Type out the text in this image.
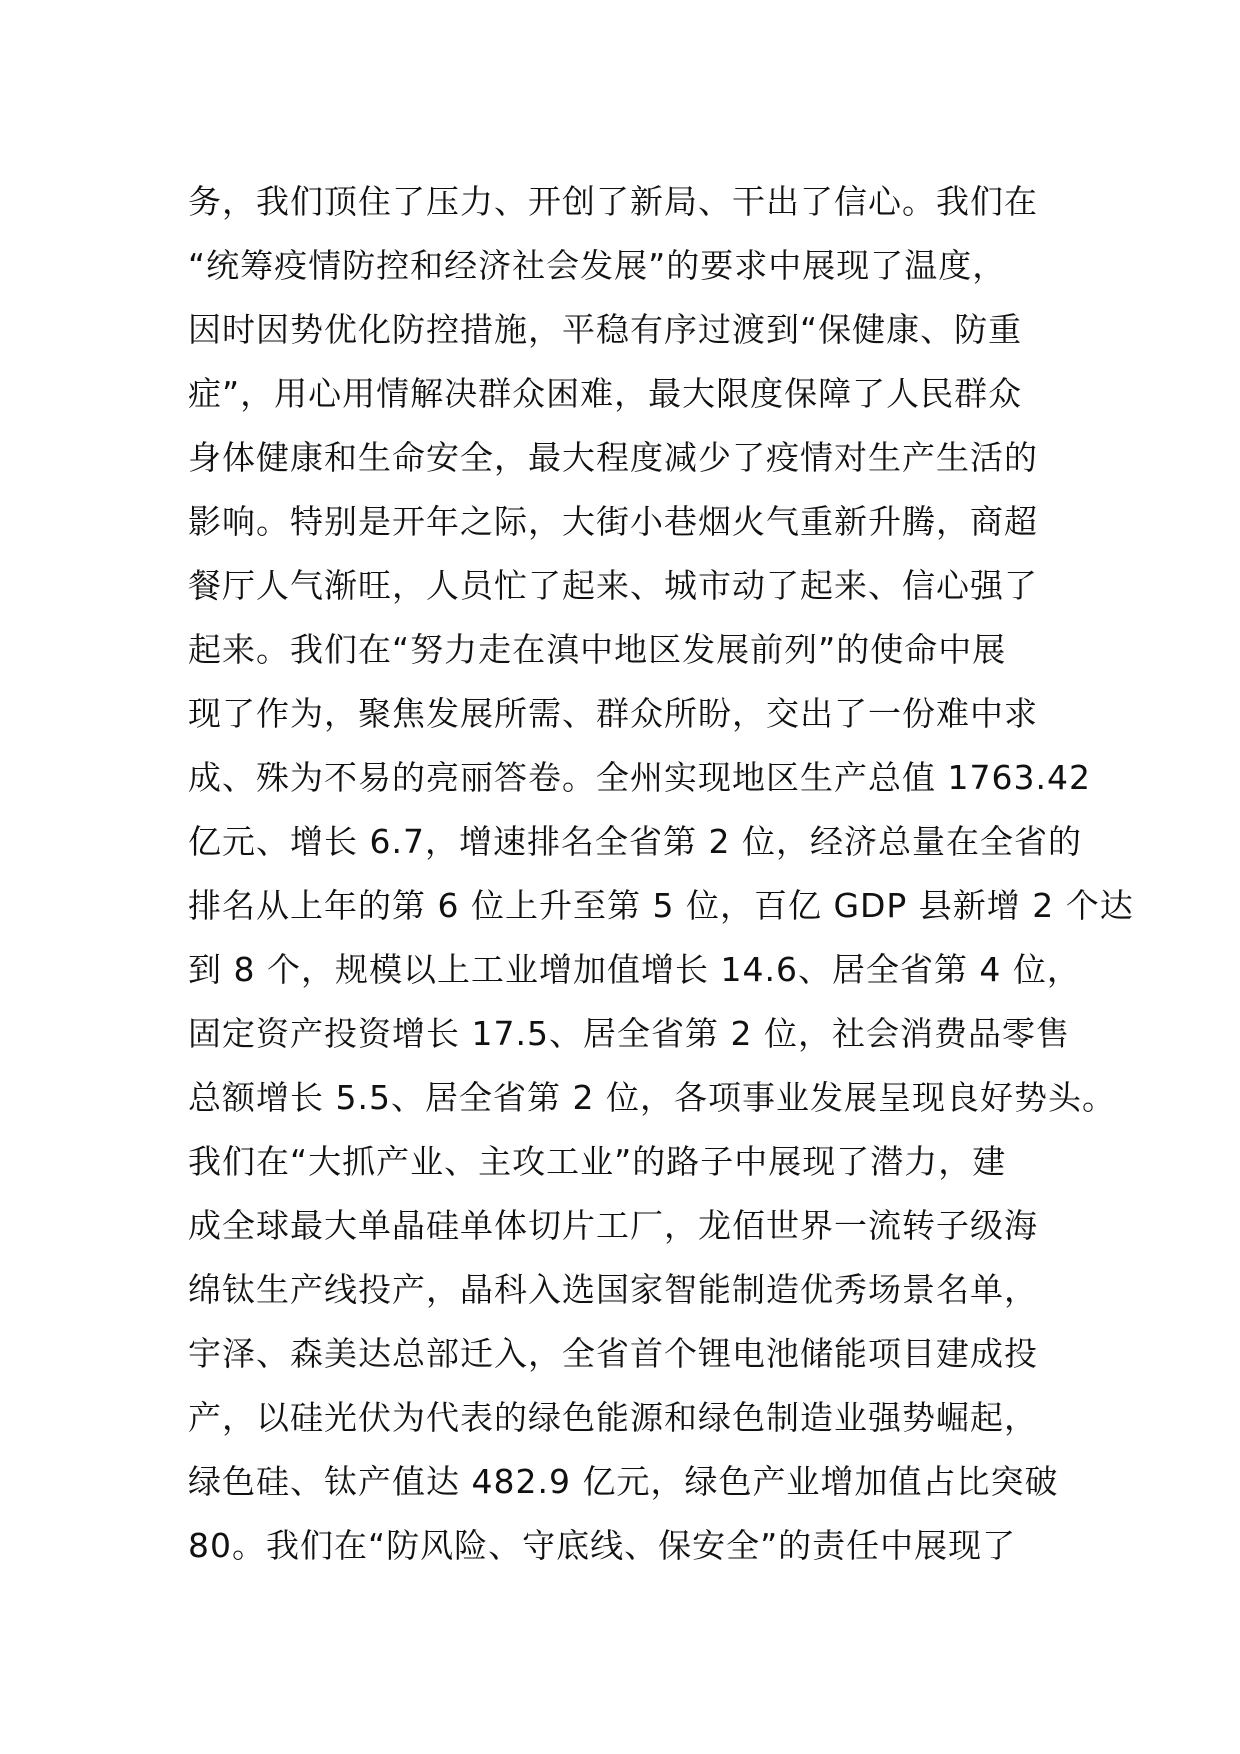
务，我们顶住了压力、开创了新局、干出了信心。我们在
“统筹疫情防控和经济社会发展”的要求中展现了温度，
因时因势优化防控措施，平稳有序过渡到“保健康、防重
症”，用心用情解决群众困难，最大限度保障了人民群众
身体健康和生命安全，最大程度减少了疫情对生产生活的
影响。特别是开年之际，大街小巷烟火气重新升腾，商超
餐厅人气渐旺，人员忙了起来、城市动了起来、信心强了
起来。我们在“努力走在滇中地区发展前列”的使命中展
现了作为，聚焦发展所需、群众所盼，交出了一份难中求
成、殊为不易的亮丽答卷。全州实现地区生产总值 1763.42
亿元、增长 6.7，增速排名全省第 2 位，经济总量在全省的
排名从上年的第 6 位上升至第 5 位，百亿 GDP 县新增 2 个达
到 8 个，规模以上工业增加值增长 14.6、居全省第 4 位，
固定资产投资增长 17.5、居全省第 2 位，社会消费品零售
总额增长 5.5、居全省第 2 位，各项事业发展呈现良好势头。
我们在“大抓产业、主攻工业”的路子中展现了潜力，建
成全球最大单晶硅单体切片工厂，龙佰世界一流转子级海
绵钛生产线投产，晶科入选国家智能制造优秀场景名单，
宇泽、森美达总部迁入，全省首个锂电池储能项目建成投
产，以硅光伏为代表的绿色能源和绿色制造业强势崛起，
绿色硅、钛产值达 482.9 亿元，绿色产业增加值占比突破
80。我们在“防风险、守底线、保安全”的责任中展现了
